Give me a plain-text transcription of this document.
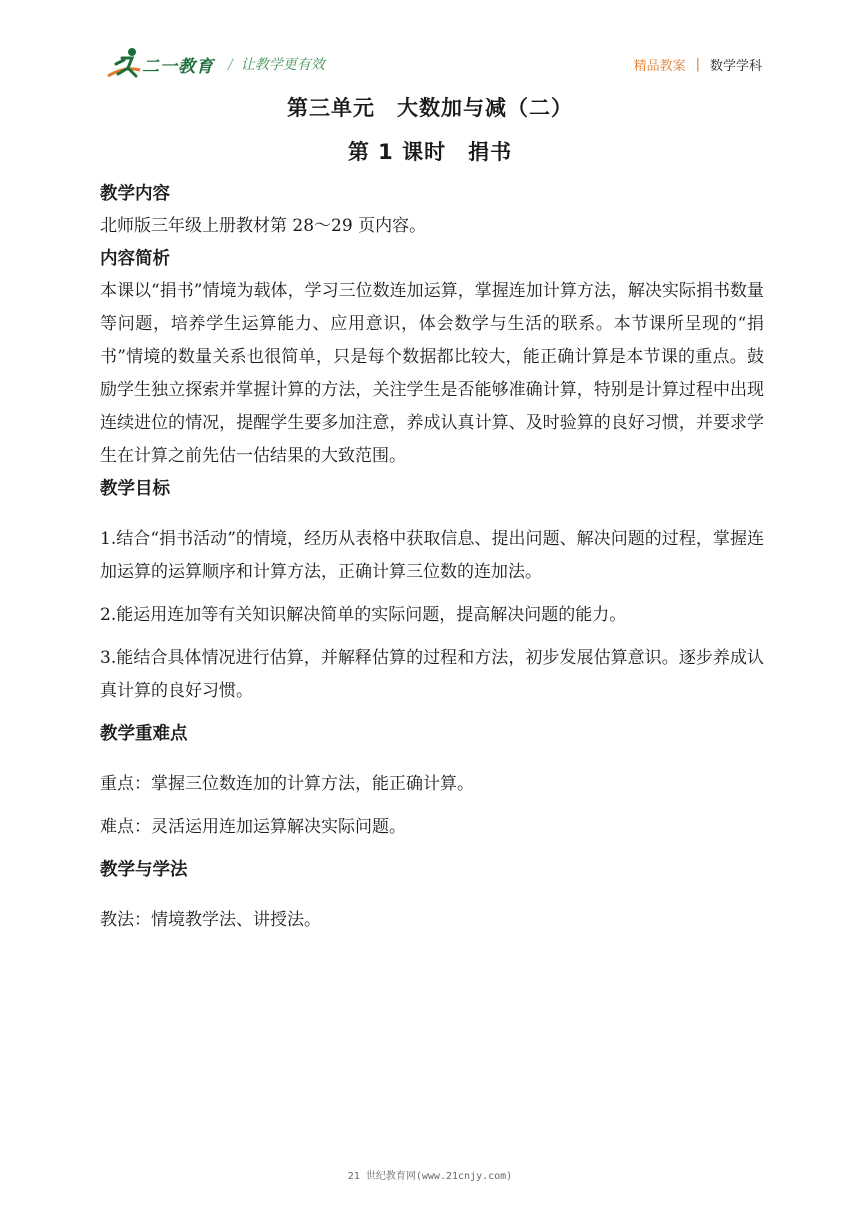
二一教育 / 让教学更有效	精品教案 | 数学学科
第三单元　大数加与减（二）
第 1 课时　捐书

教学内容

北师版三年级上册教材第 28～29 页内容。

内容简析

本课以“捐书”情境为载体，学习三位数连加运算，掌握连加计算方法，解决实际捐书数量等问题，培养学生运算能力、应用意识，体会数学与生活的联系。本节课所呈现的“捐书”情境的数量关系也很简单，只是每个数据都比较大，能正确计算是本节课的重点。鼓励学生独立探索并掌握计算的方法，关注学生是否能够准确计算，特别是计算过程中出现连续进位的情况，提醒学生要多加注意，养成认真计算、及时验算的良好习惯，并要求学生在计算之前先估一估结果的大致范围。

教学目标

1.结合“捐书活动”的情境，经历从表格中获取信息、提出问题、解决问题的过程，掌握连加运算的运算顺序和计算方法，正确计算三位数的连加法。

2.能运用连加等有关知识解决简单的实际问题，提高解决问题的能力。

3.能结合具体情况进行估算，并解释估算的过程和方法，初步发展估算意识。逐步养成认真计算的良好习惯。

教学重难点

重点：掌握三位数连加的计算方法，能正确计算。

难点：灵活运用连加运算解决实际问题。

教学与学法

教法：情境教学法、讲授法。

21 世纪教育网(www.21cnjy.com)
